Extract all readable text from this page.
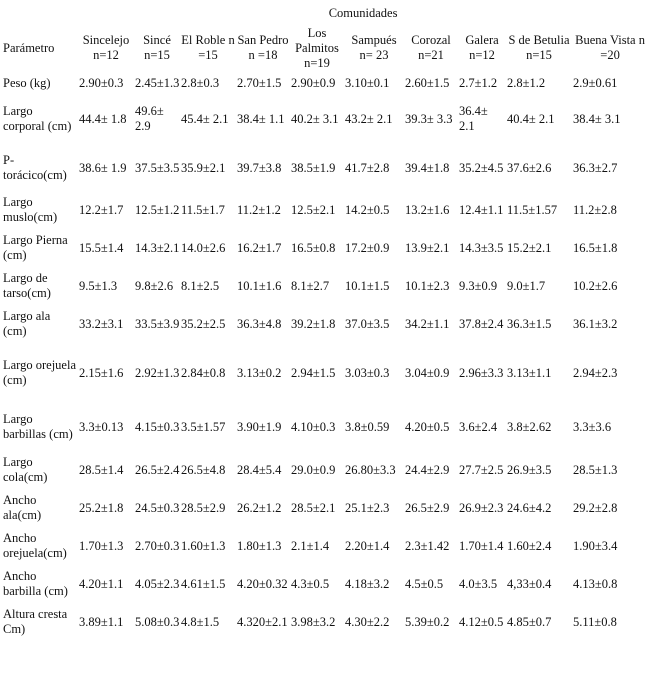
	Comunidades									
Parámetro	Sincelejo n=12	Sincé n=15	El Roble n =15	San Pedro n =18	Los Palmitos n=19	Sampués n= 23	Corozal n=21	Galera n=12	S de Betulia n=15	Buena Vista n =20
Peso (kg)	2.90±0.3	2.45±1.3	2.8±0.3	2.70±1.5	2.90±0.9	3.10±0.1	2.60±1.5	2.7±1.2	2.8±1.2	2.9±0.61
Largo corporal (cm)	44.4± 1.8	49.6± 2.9	45.4± 2.1	38.4± 1.1	40.2± 3.1	43.2± 2.1	39.3± 3.3	36.4± 2.1	40.4± 2.1	38.4± 3.1
P-torácico(cm)	38.6± 1.9	37.5±3.5	35.9±2.1	39.7±3.8	38.5±1.9	41.7±2.8	39.4±1.8	35.2±4.5	37.6±2.6	36.3±2.7
Largo muslo(cm)	12.2±1.7	12.5±1.2	11.5±1.7	11.2±1.2	12.5±2.1	14.2±0.5	13.2±1.6	12.4±1.1	11.5±1.57	11.2±2.8
Largo Pierna (cm)	15.5±1.4	14.3±2.1	14.0±2.6	16.2±1.7	16.5±0.8	17.2±0.9	13.9±2.1	14.3±3.5	15.2±2.1	16.5±1.8
Largo de tarso(cm)	9.5±1.3	9.8±2.6	8.1±2.5	10.1±1.6	8.1±2.7	10.1±1.5	10.1±2.3	9.3±0.9	9.0±1.7	10.2±2.6
Largo ala (cm)	33.2±3.1	33.5±3.9	35.2±2.5	36.3±4.8	39.2±1.8	37.0±3.5	34.2±1.1	37.8±2.4	36.3±1.5	36.1±3.2
Largo orejuela (cm)	2.15±1.6	2.92±1.3	2.84±0.8	3.13±0.2	2.94±1.5	3.03±0.3	3.04±0.9	2.96±3.3	3.13±1.1	2.94±2.3
Largo barbillas (cm)	3.3±0.13	4.15±0.3	3.5±1.57	3.90±1.9	4.10±0.3	3.8±0.59	4.20±0.5	3.6±2.4	3.8±2.62	3.3±3.6
Largo cola(cm)	28.5±1.4	26.5±2.4	26.5±4.8	28.4±5.4	29.0±0.9	26.80±3.3	24.4±2.9	27.7±2.5	26.9±3.5	28.5±1.3
Ancho ala(cm)	25.2±1.8	24.5±0.3	28.5±2.9	26.2±1.2	28.5±2.1	25.1±2.3	26.5±2.9	26.9±2.3	24.6±4.2	29.2±2.8
Ancho orejuela(cm)	1.70±1.3	2.70±0.3	1.60±1.3	1.80±1.3	2.1±1.4	2.20±1.4	2.3±1.42	1.70±1.4	1.60±2.4	1.90±3.4
Ancho barbilla (cm)	4.20±1.1	4.05±2.3	4.61±1.5	4.20±0.32	4.3±0.5	4.18±3.2	4.5±0.5	4.0±3.5	4,33±0.4	4.13±0.8
Altura cresta Cm)	3.89±1.1	5.08±0.3	4.8±1.5	4.320±2.1	3.98±3.2	4.30±2.2	5.39±0.2	4.12±0.5	4.85±0.7	5.11±0.8
